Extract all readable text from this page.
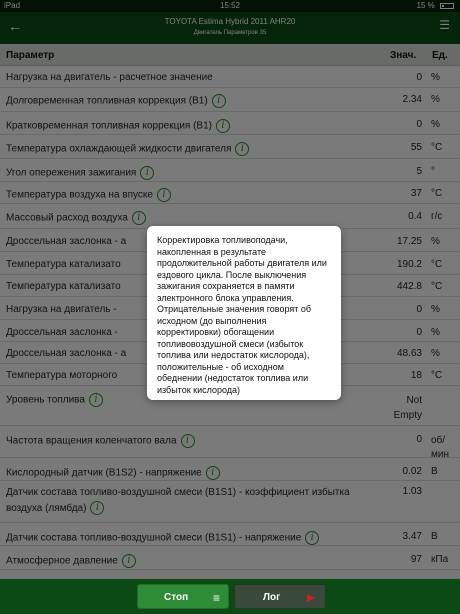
Корректировка топливоподачи, накопленная в результате продолжительной работы двигателя или ездового цикла. После выключения зажигания сохраняется в памяти электронного блока управления. Отрицательные значения говорят об исходном (до выполнения корректировки) обогащении топливовоздушной смеси (избыток топлива или недостаток кислорода), положительные - об исходном обеднении (недостаток топлива или избыток кислорода)
Стоп ≡	Лог
